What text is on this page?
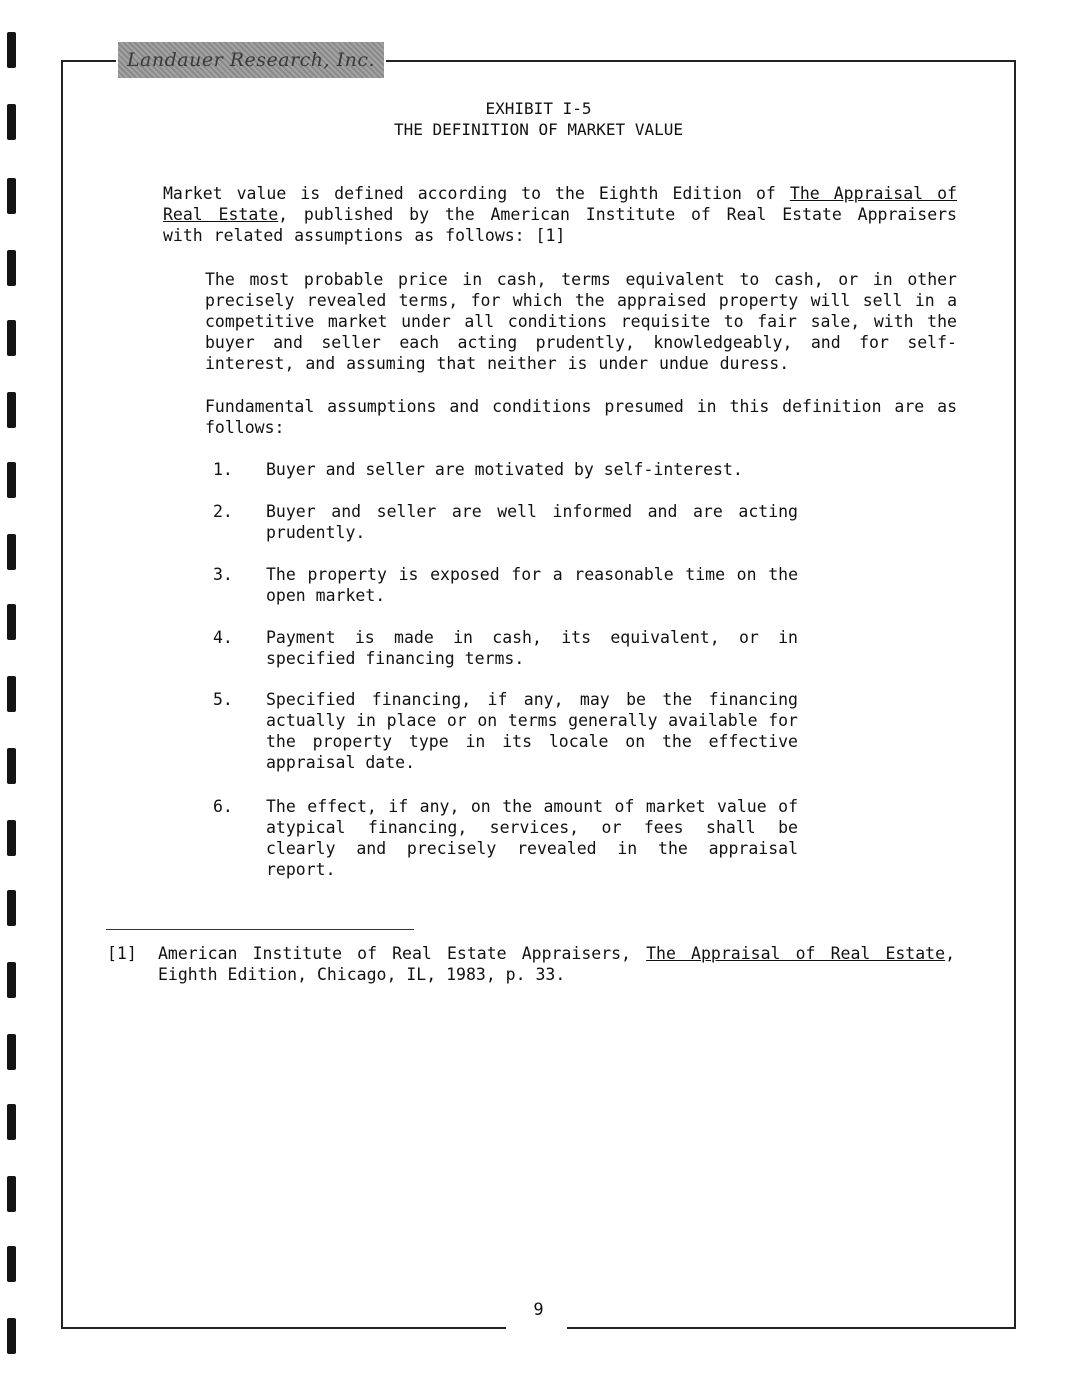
Landauer Research, Inc.
EXHIBIT I-5
THE DEFINITION OF MARKET VALUE
Market value is defined according to the Eighth Edition of The Appraisal of Real Estate, published by the American Institute of Real Estate Appraisers with related assumptions as follows: [1]
The most probable price in cash, terms equivalent to cash, or in other precisely revealed terms, for which the appraised property will sell in a competitive market under all conditions requisite to fair sale, with the buyer and seller each acting prudently, knowledgeably, and for self-interest, and assuming that neither is under undue duress.
Fundamental assumptions and conditions presumed in this definition are as follows:
1.	Buyer and seller are motivated by self-interest.
2.	Buyer and seller are well informed and are acting prudently.
3.	The property is exposed for a reasonable time on the open market.
4.	Payment is made in cash, its equivalent, or in specified financing terms.
5.	Specified financing, if any, may be the financing actually in place or on terms generally available for the property type in its locale on the effective appraisal date.
6.	The effect, if any, on the amount of market value of atypical financing, services, or fees shall be clearly and precisely revealed in the appraisal report.
[1] American Institute of Real Estate Appraisers, The Appraisal of Real Estate, Eighth Edition, Chicago, IL, 1983, p. 33.
9
